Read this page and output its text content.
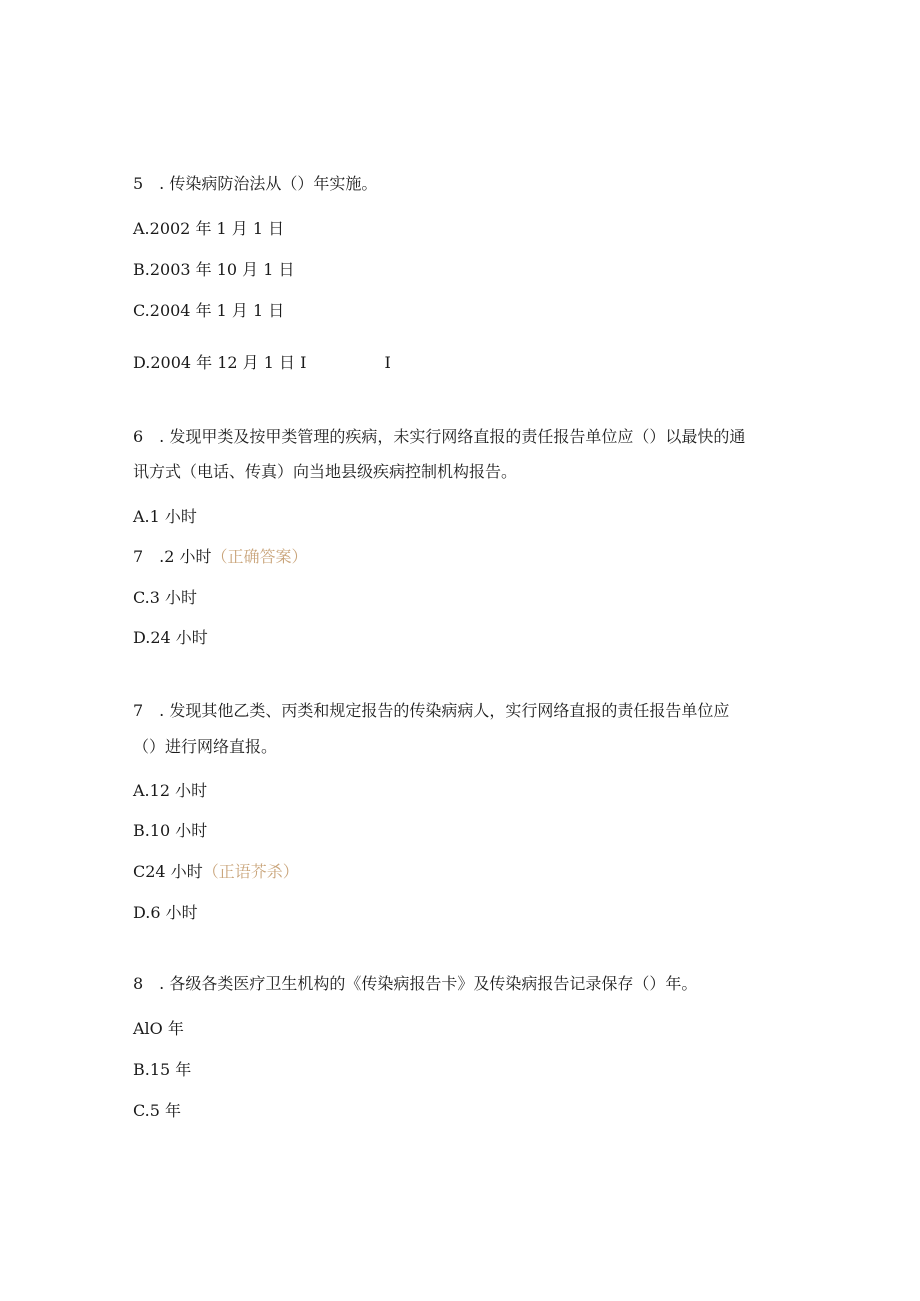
5　. 传染病防治法从（）年实施。
A.2002 年 1 月 1 日
B.2003 年 10 月 1 日
C.2004 年 1 月 1 日
D.2004 年 12 月 1 日 I	I
6　. 发现甲类及按甲类管理的疾病，未实行网络直报的责任报告单位应（）以最快的通
讯方式（电话、传真）向当地县级疾病控制机构报告。
A.1 小时
7　.2 小时（正确答案）
C.3 小时
D.24 小时
7　. 发现其他乙类、丙类和规定报告的传染病病人，实行网络直报的责任报告单位应
（）进行网络直报。
A.12 小时
B.10 小时
C24 小时（正语芥杀）
D.6 小时
8　. 各级各类医疗卫生机构的《传染病报告卡》及传染病报告记录保存（）年。
AlO 年
B.15 年
C.5 年
